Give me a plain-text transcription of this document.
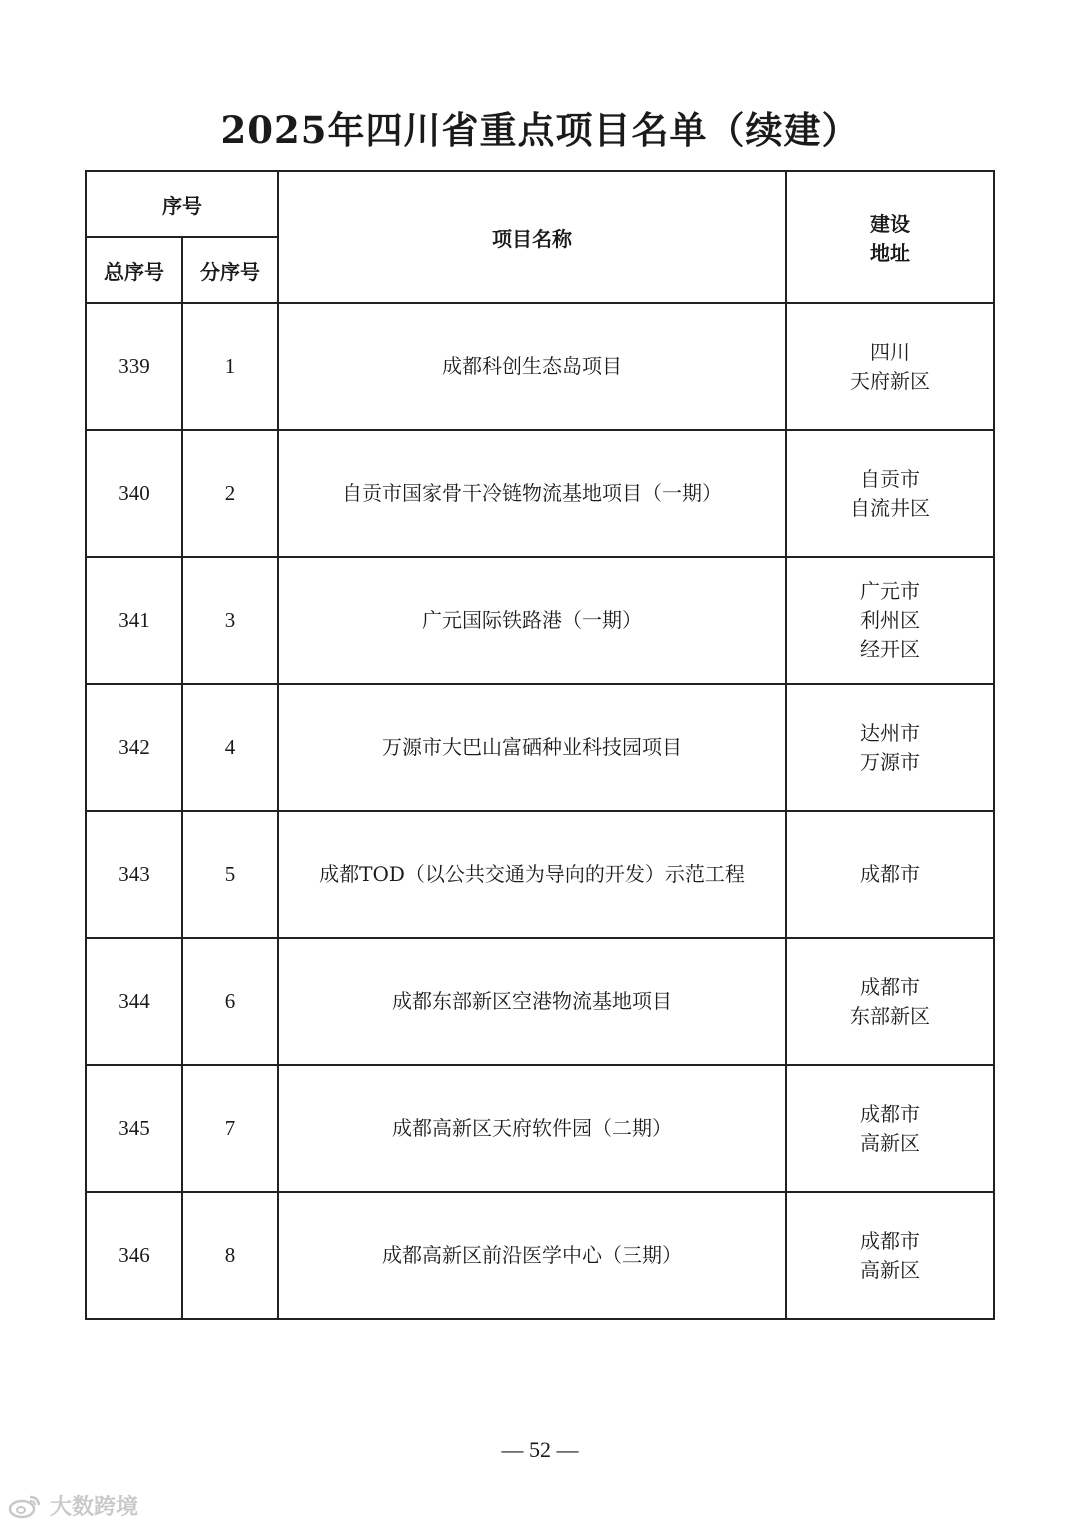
2025年四川省重点项目名单（续建）
序号		项目名称	建设
地址

总序号	分序号		
339	1	成都科创生态岛项目	四川
天府新区

340	2	自贡市国家骨干冷链物流基地项目（一期）	自贡市
自流井区

341	3	广元国际铁路港（一期）	广元市
利州区
经开区

342	4	万源市大巴山富硒种业科技园项目	达州市
万源市

343	5	成都TOD（以公共交通为导向的开发）示范工程	成都市

344	6	成都东部新区空港物流基地项目	成都市
东部新区

345	7	成都高新区天府软件园（二期）	成都市
高新区

346	8	成都高新区前沿医学中心（三期）	成都市
高新区
— 52 —
大数跨境
